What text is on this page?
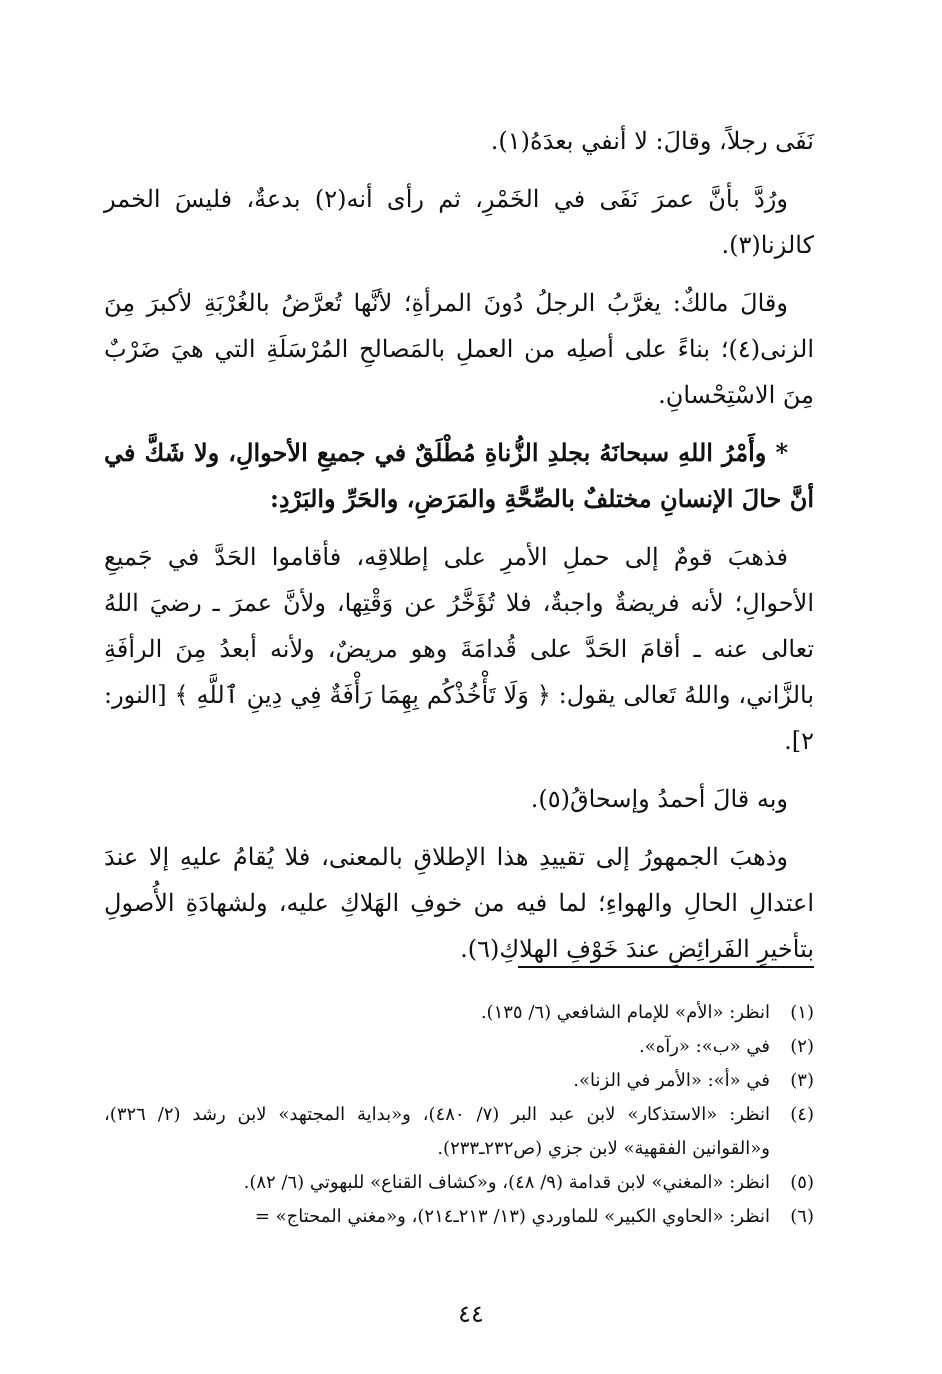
نَفَى رجلاً، وقالَ: لا أنفي بعدَهُ(١).

ورُدَّ بأنَّ عمرَ نَفَى في الخَمْرِ، ثم رأى أنه(٢) بدعةٌ، فليسَ الخمر كالزنا(٣).

وقالَ مالكٌ: يغرَّبُ الرجلُ دُونَ المرأةِ؛ لأنَّها تُعرَّضُ بالغُرْبَةِ لأكبرَ مِنَ الزنى(٤)؛ بناءً على أصلِه من العملِ بالمَصالحِ المُرْسَلَةِ التي هيَ ضَرْبٌ مِنَ الاسْتِحْسانِ.

* وأَمْرُ اللهِ سبحانَهُ بجلدِ الزُّناةِ مُطْلَقٌ في جميعِ الأحوالِ، ولا شَكَّ في أنَّ حالَ الإنسانِ مختلفٌ بالصِّحَّةِ والمَرَضِ، والحَرِّ والبَرْدِ:

فذهبَ قومٌ إلى حملِ الأمرِ على إطلاقِه، فأقاموا الحَدَّ في جَميعِ الأحوالِ؛ لأنه فريضةٌ واجبةٌ، فلا تُؤَخَّرُ عن وَقْتِها، ولأنَّ عمرَ ـ رضيَ اللهُ تعالى عنه ـ أقامَ الحَدَّ على قُدامَةَ وهو مريضٌ، ولأنه أبعدُ مِنَ الرأفَةِ بالزَّاني، واللهُ تَعالى يقول: ﴿ وَلَا تَأْخُذْكُم بِهِمَا رَأْفَةٌ فِي دِينِ ٱللَّهِ ﴾ [النور: ٢].

وبه قالَ أحمدُ وإسحاقُ(٥).

وذهبَ الجمهورُ إلى تقييدِ هذا الإطلاقِ بالمعنى، فلا يُقامُ عليهِ إلا عندَ اعتدالِ الحالِ والهواءِ؛ لما فيه من خوفِ الهَلاكِ عليه، ولشهادَةِ الأُصولِ بتأخيرِ الفَرائِضِ عندَ خَوْفِ الهلاكِ(٦).

(١)
انظر: «الأم» للإمام الشافعي (٦/ ١٣٥).
(٢)
في «ب»: «رآه».
(٣)
في «أ»: «الأمر في الزنا».
(٤)
انظر: «الاستذكار» لابن عبد البر (٧/ ٤٨٠)، و«بداية المجتهد» لابن رشد (٢/ ٣٢٦)، و«القوانين الفقهية» لابن جزي (ص٢٣٢ـ٢٣٣).
(٥)
انظر: «المغني» لابن قدامة (٩/ ٤٨)، و«كشاف القناع» للبهوتي (٦/ ٨٢).
(٦)
انظر: «الحاوي الكبير» للماوردي (١٣/ ٢١٣ـ٢١٤)، و«مغني المحتاج» =
٤٤
